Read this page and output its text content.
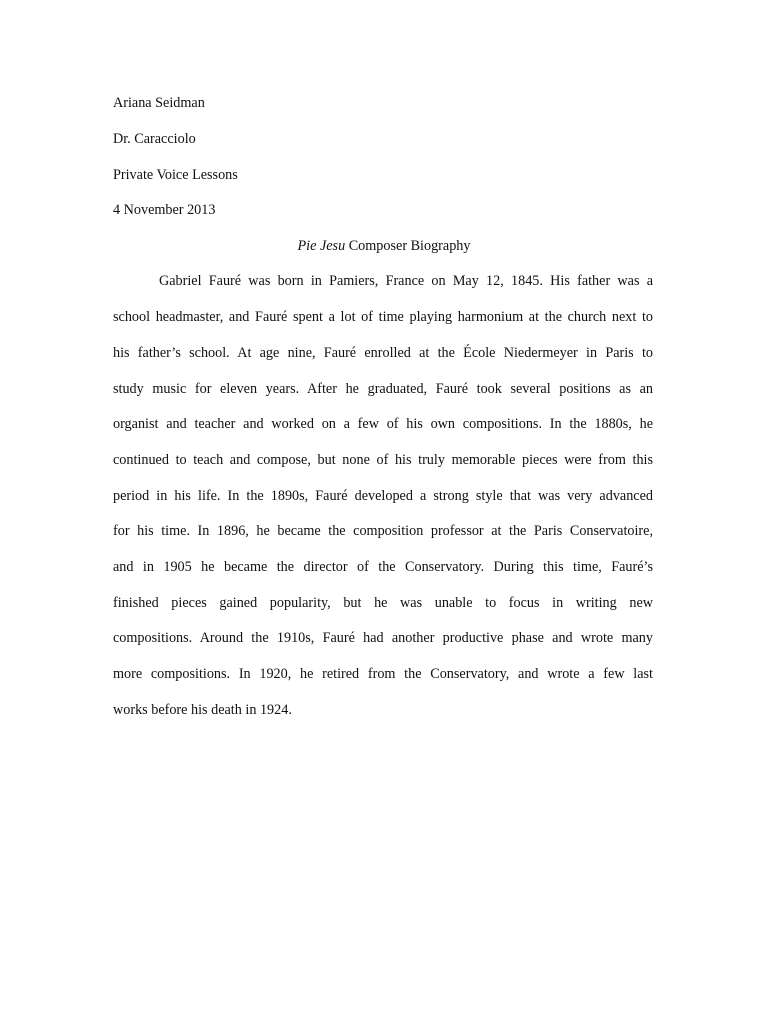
Ariana Seidman
Dr. Caracciolo
Private Voice Lessons
4 November 2013
Pie Jesu Composer Biography
Gabriel Fauré was born in Pamiers, France on May 12, 1845. His father was a
school headmaster, and Fauré spent a lot of time playing harmonium at the church next to
his father’s school. At age nine, Fauré enrolled at the École Niedermeyer in Paris to
study music for eleven years. After he graduated, Fauré took several positions as an
organist and teacher and worked on a few of his own compositions. In the 1880s, he
continued to teach and compose, but none of his truly memorable pieces were from this
period in his life. In the 1890s, Fauré developed a strong style that was very advanced
for his time. In 1896, he became the composition professor at the Paris Conservatoire,
and in 1905 he became the director of the Conservatory. During this time, Fauré’s
finished pieces gained popularity, but he was unable to focus in writing new
compositions. Around the 1910s, Fauré had another productive phase and wrote many
more compositions. In 1920, he retired from the Conservatory, and wrote a few last
works before his death in 1924.
